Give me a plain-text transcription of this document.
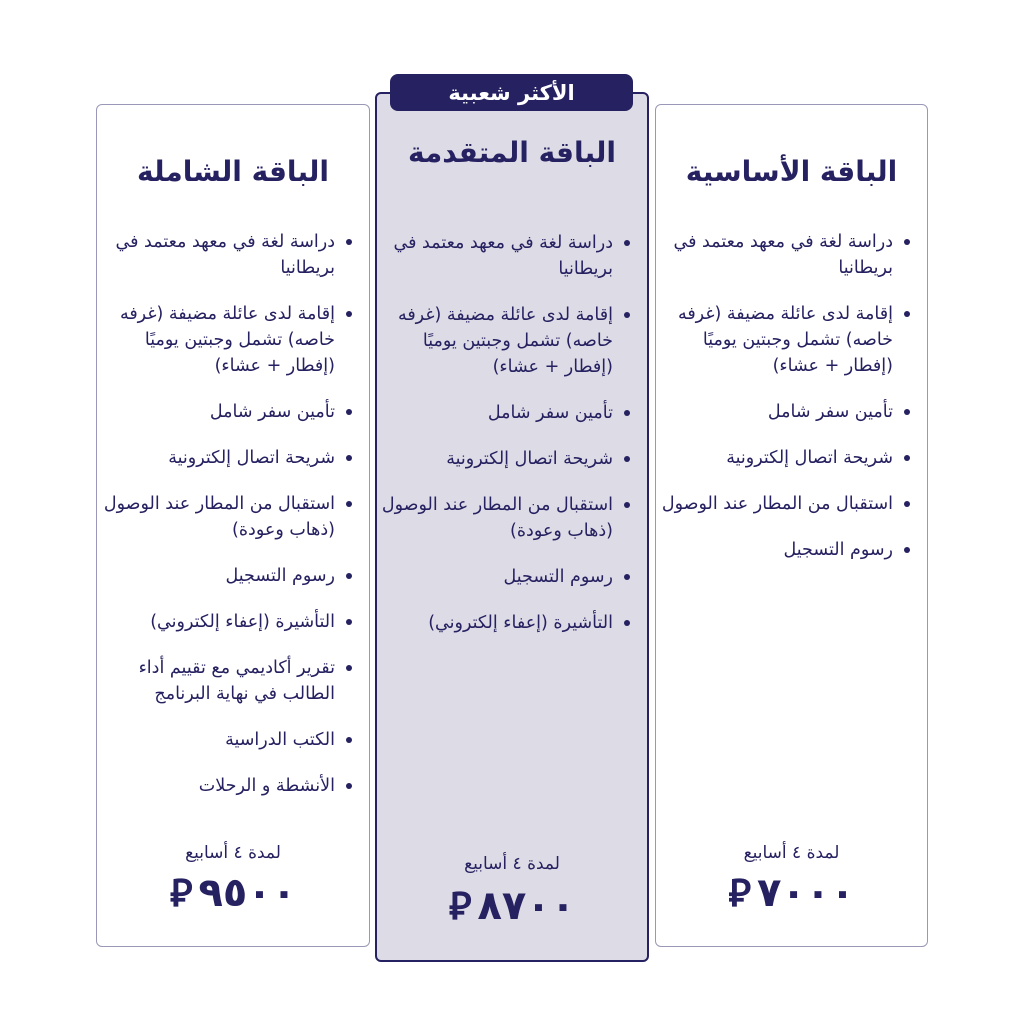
الباقة الأساسية
دراسة لغة في معهد معتمد في بريطانيا
إقامة لدى عائلة مضيفة (غرفه خاصه) تشمل وجبتين يوميًا (إفطار + عشاء)
تأمين سفر شامل
شريحة اتصال إلكترونية
استقبال من المطار عند الوصول
رسوم التسجيل
لمدة ٤ أسابيع
⃁ ٧٠٠٠
الأكثر شعبية
الباقة المتقدمة
دراسة لغة في معهد معتمد في بريطانيا
إقامة لدى عائلة مضيفة (غرفه خاصه) تشمل وجبتين يوميًا (إفطار + عشاء)
تأمين سفر شامل
شريحة اتصال إلكترونية
استقبال من المطار عند الوصول (ذهاب وعودة)
رسوم التسجيل
التأشيرة (إعفاء إلكتروني)
لمدة ٤ أسابيع
⃁ ٨٧٠٠
الباقة الشاملة
دراسة لغة في معهد معتمد في بريطانيا
إقامة لدى عائلة مضيفة (غرفه خاصه) تشمل وجبتين يوميًا (إفطار + عشاء)
تأمين سفر شامل
شريحة اتصال إلكترونية
استقبال من المطار عند الوصول (ذهاب وعودة)
رسوم التسجيل
التأشيرة (إعفاء إلكتروني)
تقرير أكاديمي مع تقييم أداء الطالب في نهاية البرنامج
الكتب الدراسية
الأنشطة و الرحلات
لمدة ٤ أسابيع
⃁ ٩٥٠٠
